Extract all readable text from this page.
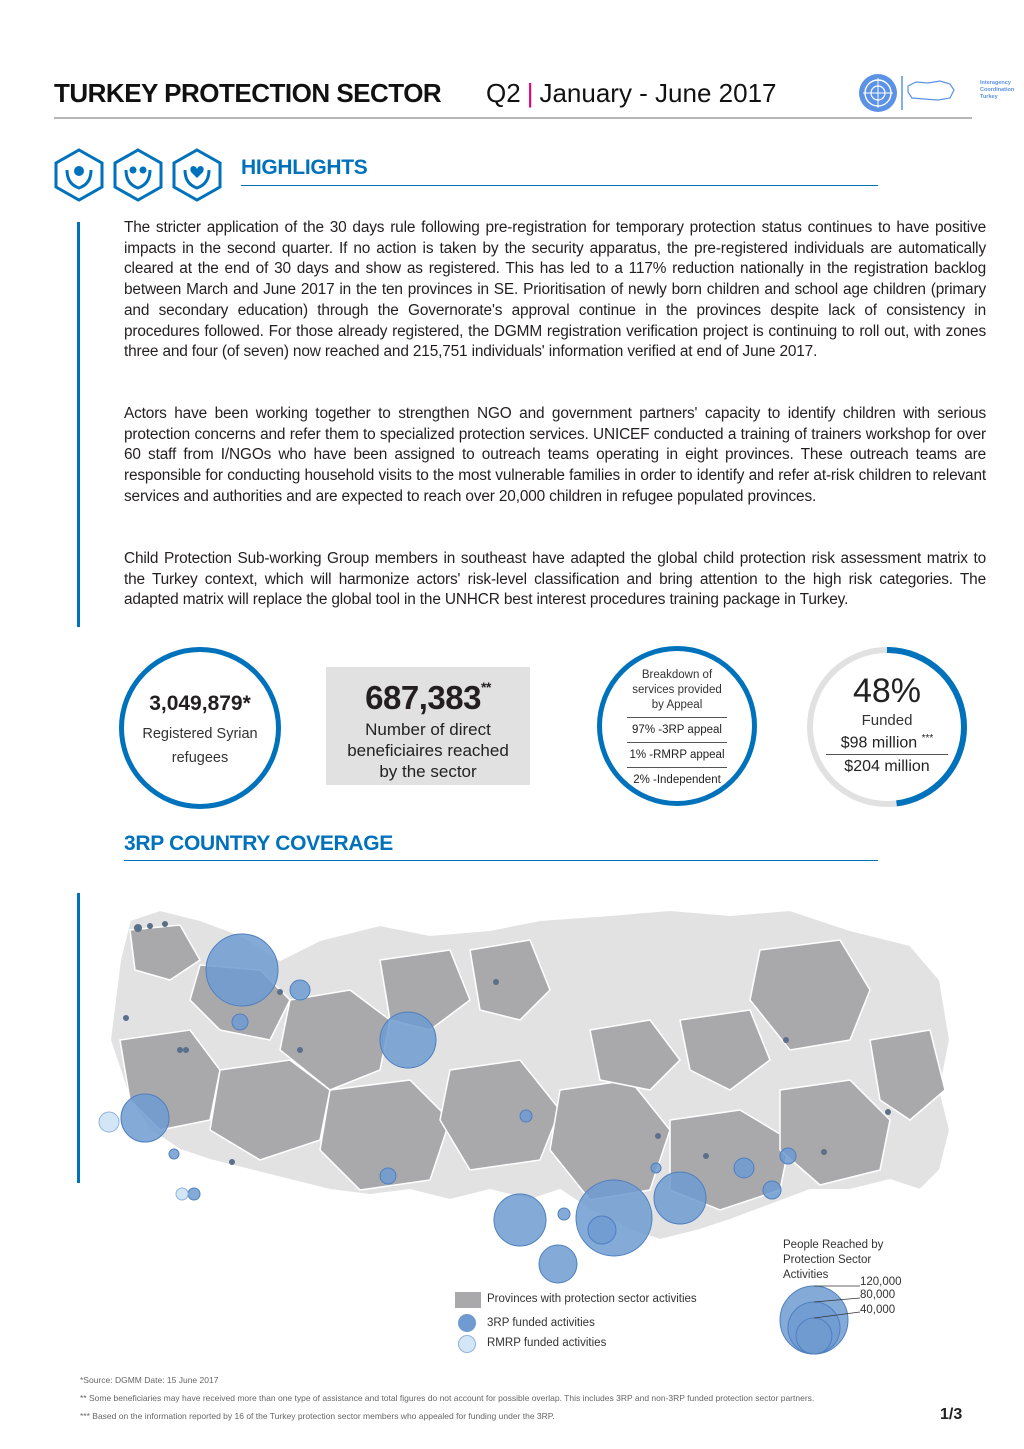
TURKEY PROTECTION SECTOR Q2 | January - June 2017	Interagency
Coordination
Turkey
HIGHLIGHTS
The stricter application of the 30 days rule following pre-registration for temporary protection status continues to have positive impacts in the second quarter. If no action is taken by the security apparatus, the pre-registered individuals are automatically cleared at the end of 30 days and show as registered. This has led to a 117% reduction nationally in the registration backlog between March and June 2017 in the ten provinces in SE. Prioritisation of newly born children and school age children (primary and secondary education) through the Governorate's approval continue in the provinces despite lack of consistency in procedures followed. For those already registered, the DGMM registration verification project is continuing to roll out, with zones three and four (of seven) now reached and 215,751 individuals' information verified at end of June 2017.
Actors have been working together to strengthen NGO and government partners' capacity to identify children with serious protection concerns and refer them to specialized protection services. UNICEF conducted a training of trainers workshop for over 60 staff from I/NGOs who have been assigned to outreach teams operating in eight provinces. These outreach teams are responsible for conducting household visits to the most vulnerable families in order to identify and refer at-risk children to relevant services and authorities and are expected to reach over 20,000 children in refugee populated provinces.
Child Protection Sub-working Group members in southeast have adapted the global child protection risk assessment matrix to the Turkey context, which will harmonize actors' risk-level classification and bring attention to the high risk categories. The adapted matrix will replace the global tool in the UNHCR best interest procedures training package in Turkey.
3,049,879*
Registered Syrian refugees
687,383**
Number of direct beneficiaires reached by the sector
Breakdown of services provided by Appeal
97% -3RP appeal
1% -RMRP appeal
2% -Independent
48%
Funded
$98 million ***
$204 million
3RP COUNTRY COVERAGE
Provinces with protection sector activities
3RP funded activities
RMRP funded activities
People Reached by
Protection Sector
Activities
120,000
80,000
40,000
*Source: DGMM Date: 15 June 2017
** Some beneficiaries may have received more than one type of assistance and total figures do not account for possible overlap. This includes 3RP and non-3RP funded protection sector partners.
*** Based on the information reported by 16 of the Turkey protection sector members who appealed for funding under the 3RP.	1/3
